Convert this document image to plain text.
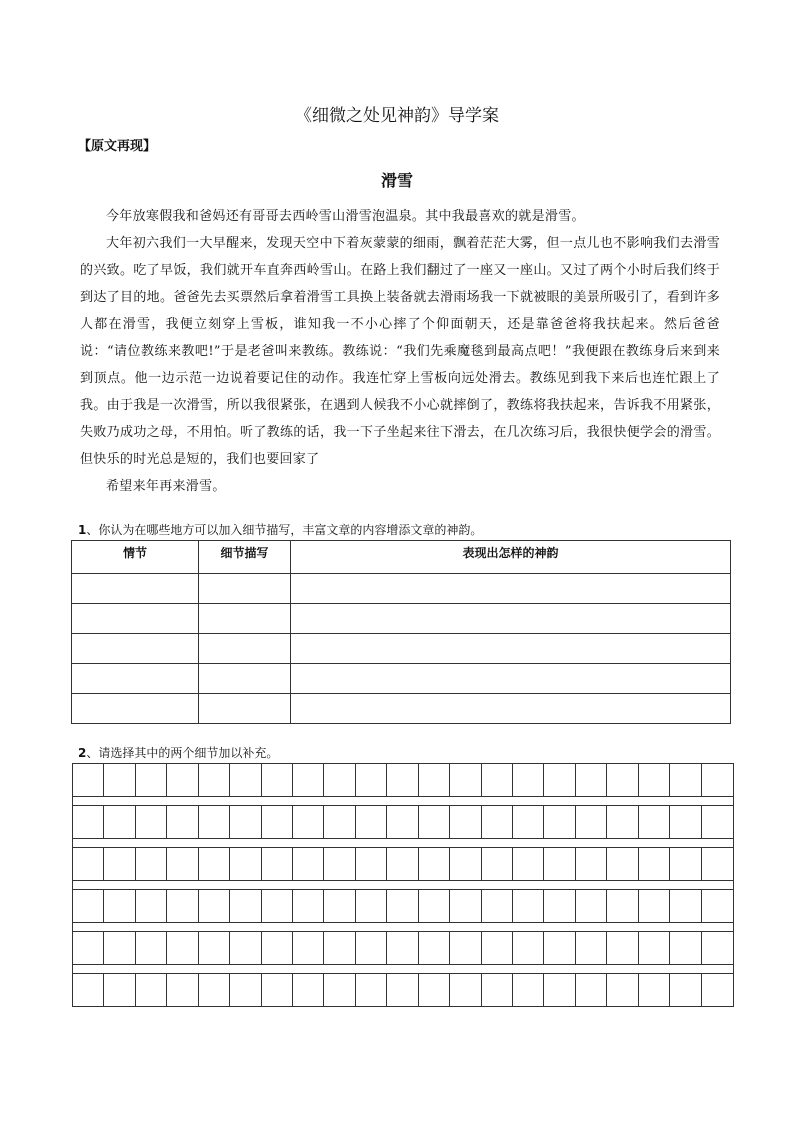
《细微之处见神韵》导学案
【原文再现】
滑雪

今年放寒假我和爸妈还有哥哥去西岭雪山滑雪泡温泉。其中我最喜欢的就是滑雪。

大年初六我们一大早醒来，发现天空中下着灰蒙蒙的细雨，飘着茫茫大雾，但一点儿也不影响我们去滑雪的兴致。吃了早饭，我们就开车直奔西岭雪山。在路上我们翻过了一座又一座山。又过了两个小时后我们终于到达了目的地。爸爸先去买票然后拿着滑雪工具换上装备就去滑雨场我一下就被眼的美景所吸引了，看到许多人都在滑雪，我便立刻穿上雪板，谁知我一不小心摔了个仰面朝天，还是靠爸爸将我扶起来。然后爸爸说：“请位教练来教吧!”于是老爸叫来教练。教练说：“我们先乘魔毯到最高点吧！”我便跟在教练身后来到来到顶点。他一边示范一边说着要记住的动作。我连忙穿上雪板向远处滑去。教练见到我下来后也连忙跟上了我。由于我是一次滑雪，所以我很紧张，在遇到人候我不小心就摔倒了，教练将我扶起来，告诉我不用紧张，失败乃成功之母，不用怕。听了教练的话，我一下子坐起来往下滑去，在几次练习后，我很快便学会的滑雪。但快乐的时光总是短的，我们也要回家了

希望来年再来滑雪。

1、你认为在哪些地方可以加入细节描写，丰富文章的内容增添文章的神韵。
情节	细节描写	表现出怎样的神韵

2、请选择其中的两个细节加以补充。
